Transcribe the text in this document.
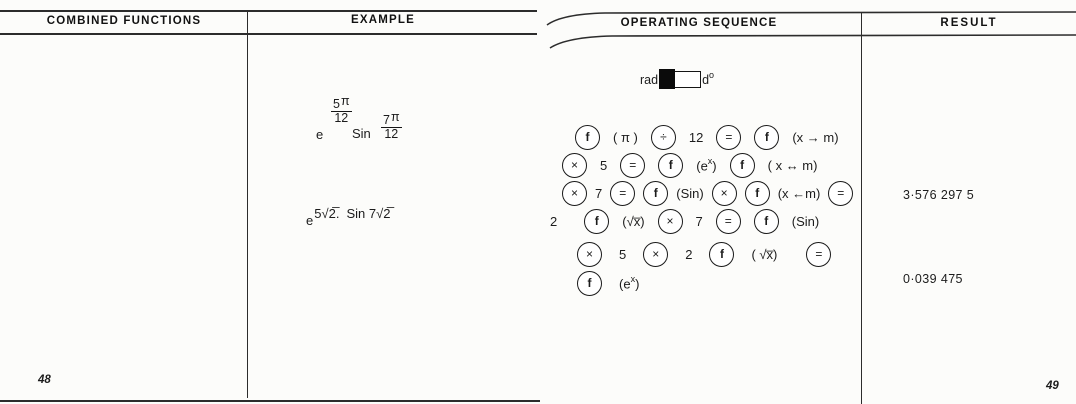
COMBINED FUNCTIONS	EXAMPLE	OPERATING SEQUENCE	RESULT
rad	$d^o$
e
$\frac{5\pi}{12}$
Sin $\frac{7\pi}{12}$
e 5√2̅. Sin 7√2̅
f	( π )	÷	12	=	f	(x → m)
×	5	=	f	$(e^x)$	f	( x ↔ m)
×	7	=	f	(Sin)	×	f	(x ←m)	=
2	f	(√x̅)	×	7	=	f	(Sin)
×	5	×	2	f	( √x̅)	=
f	$(e^x)$
3·576 297 5
0·039 475
48	49
